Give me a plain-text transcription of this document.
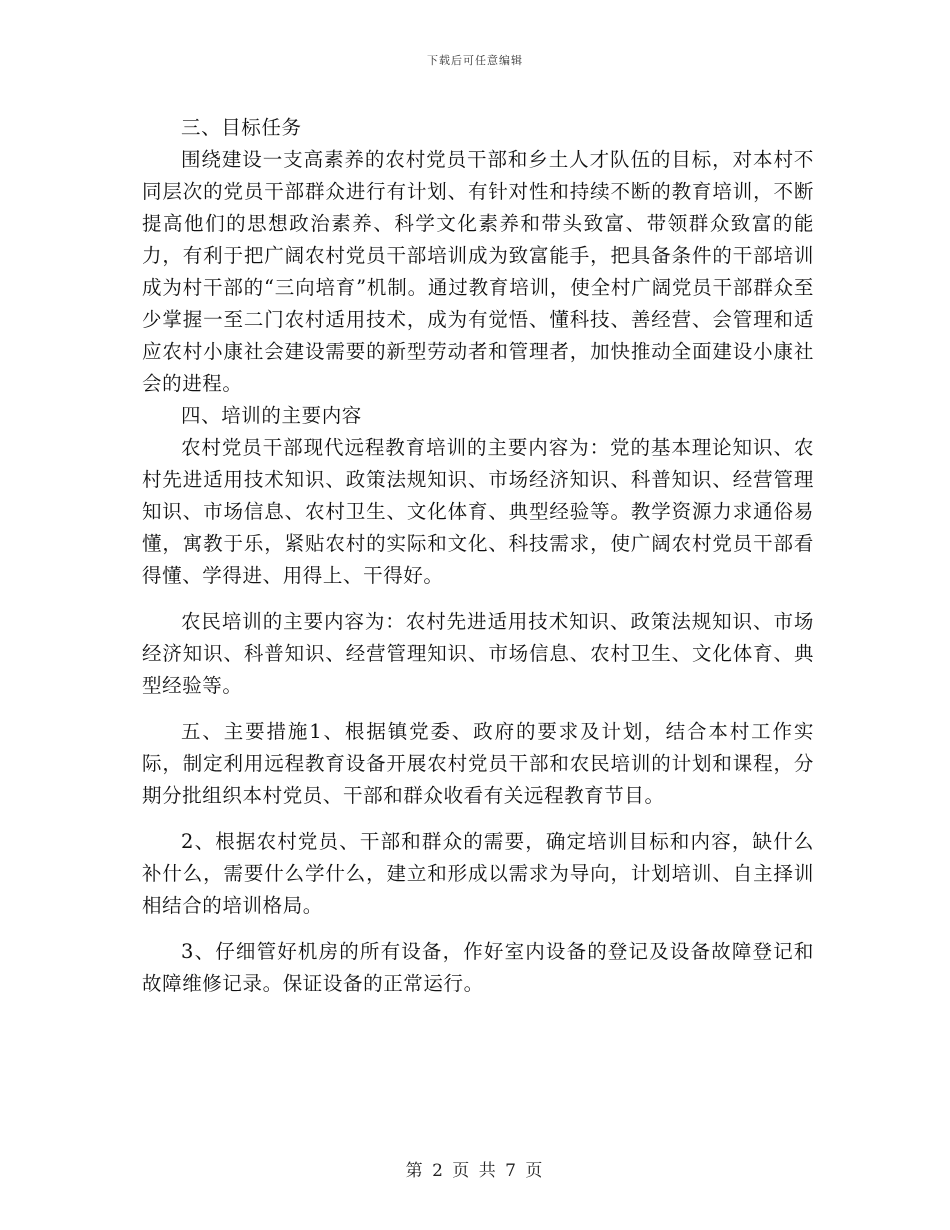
下载后可任意编辑

三、目标任务

围绕建设一支高素养的农村党员干部和乡土人才队伍的目标，对本村不同层次的党员干部群众进行有计划、有针对性和持续不断的教育培训，不断提高他们的思想政治素养、科学文化素养和带头致富、带领群众致富的能力，有利于把广阔农村党员干部培训成为致富能手，把具备条件的干部培训成为村干部的“三向培育”机制。通过教育培训，使全村广阔党员干部群众至少掌握一至二门农村适用技术，成为有觉悟、懂科技、善经营、会管理和适应农村小康社会建设需要的新型劳动者和管理者，加快推动全面建设小康社会的进程。

四、培训的主要内容

农村党员干部现代远程教育培训的主要内容为：党的基本理论知识、农村先进适用技术知识、政策法规知识、市场经济知识、科普知识、经营管理知识、市场信息、农村卫生、文化体育、典型经验等。教学资源力求通俗易懂，寓教于乐，紧贴农村的实际和文化、科技需求，使广阔农村党员干部看得懂、学得进、用得上、干得好。

农民培训的主要内容为：农村先进适用技术知识、政策法规知识、市场经济知识、科普知识、经营管理知识、市场信息、农村卫生、文化体育、典型经验等。

五、主要措施1、根据镇党委、政府的要求及计划，结合本村工作实际，制定利用远程教育设备开展农村党员干部和农民培训的计划和课程，分期分批组织本村党员、干部和群众收看有关远程教育节目。

2、根据农村党员、干部和群众的需要，确定培训目标和内容，缺什么补什么，需要什么学什么，建立和形成以需求为导向，计划培训、自主择训相结合的培训格局。

3、仔细管好机房的所有设备，作好室内设备的登记及设备故障登记和故障维修记录。保证设备的正常运行。

第 2 页 共 7 页
